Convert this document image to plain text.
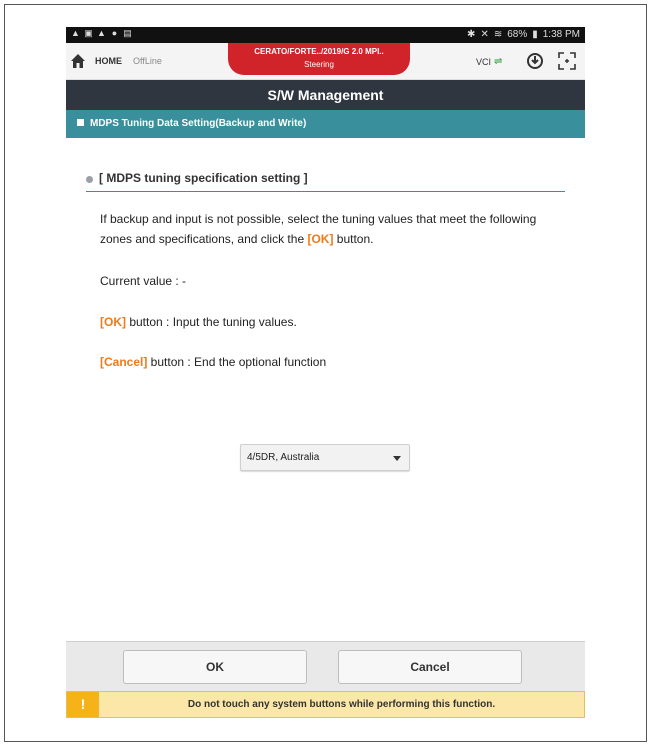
▲ ▣ ▲ ● ▤	✱ ✕ ≋ 68% ▮ 1:38 PM
HOME OffLine
CERATO/FORTE../2019/G 2.0 MPI..
Steering	VCI ⇌
S/W Management
MDPS Tuning Data Setting(Backup and Write)
[ MDPS tuning specification setting ]
If backup and input is not possible, select the tuning values that meet the following zones and specifications, and click the [OK] button.
Current value : -
[OK] button : Input the tuning values.
[Cancel] button : End the optional function
4/5DR, Australia
OK	Cancel
!	Do not touch any system buttons while performing this function.
